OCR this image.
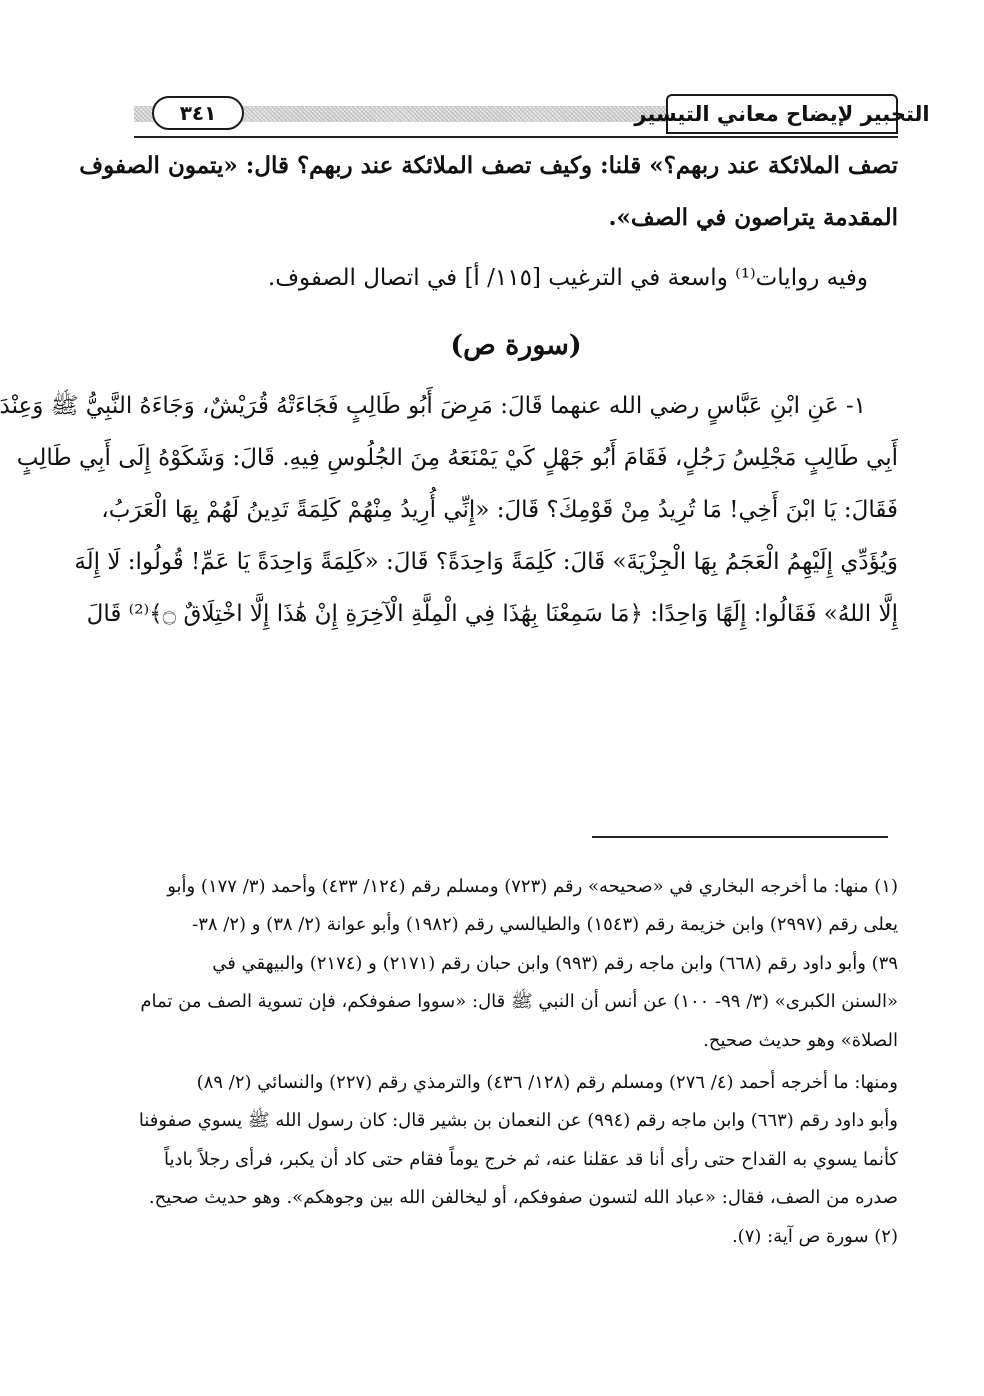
٣٤١	التحبير لإيضاح معاني التيسير
تصف الملائكة عند ربهم؟» قلنا: وكيف تصف الملائكة عند ربهم؟ قال: «يتمون الصفوف
المقدمة يتراصون في الصف».
وفيه روايات⁽¹⁾ واسعة في الترغيب [١١٥/ أ] في اتصال الصفوف.
(سورة ص)
١- عَنِ ابْنِ عَبَّاسٍ رضي الله عنهما قَالَ: مَرِضَ أَبُو طَالِبٍ فَجَاءَتْهُ قُرَيْشٌ، وَجَاءَهُ النَّبِيُّ ﷺ وَعِنْدَ
أَبِي طَالِبٍ مَجْلِسُ رَجُلٍ، فَقَامَ أَبُو جَهْلٍ كَيْ يَمْنَعَهُ مِنَ الجُلُوسِ فِيهِ. قَالَ: وَشَكَوْهُ إِلَى أَبِي طَالِبٍ
فَقَالَ: يَا ابْنَ أَخِي! مَا تُرِيدُ مِنْ قَوْمِكَ؟ قَالَ: «إِنِّي أُرِيدُ مِنْهُمْ كَلِمَةً تَدِينُ لَهُمْ بِهَا الْعَرَبُ،
وَيُؤَدِّي إِلَيْهِمُ الْعَجَمُ بِهَا الْجِزْيَةَ» قَالَ: كَلِمَةً وَاحِدَةً؟ قَالَ: «كَلِمَةً وَاحِدَةً يَا عَمِّ! قُولُوا: لَا إِلَهَ
إِلَّا اللهُ» فَقَالُوا: إِلَهًا وَاحِدًا: ﴿مَا سَمِعْنَا بِهَٰذَا فِي الْمِلَّةِ الْآخِرَةِ إِنْ هَٰذَا إِلَّا اخْتِلَاقٌ ۝﴾⁽²⁾ قَالَ
(١) منها: ما أخرجه البخاري في «صحيحه» رقم (٧٢٣) ومسلم رقم (١٢٤/ ٤٣٣) وأحمد (٣/ ١٧٧) وأبو
يعلى رقم (٢٩٩٧) وابن خزيمة رقم (١٥٤٣) والطيالسي رقم (١٩٨٢) وأبو عوانة (٢/ ٣٨) و (٢/ ٣٨-
٣٩) وأبو داود رقم (٦٦٨) وابن ماجه رقم (٩٩٣) وابن حبان رقم (٢١٧١) و (٢١٧٤) والبيهقي في
«السنن الكبرى» (٣/ ٩٩- ١٠٠) عن أنس أن النبي ﷺ قال: «سووا صفوفكم، فإن تسوية الصف من تمام
الصلاة» وهو حديث صحيح.
ومنها: ما أخرجه أحمد (٤/ ٢٧٦) ومسلم رقم (١٢٨/ ٤٣٦) والترمذي رقم (٢٢٧) والنسائي (٢/ ٨٩)
وأبو داود رقم (٦٦٣) وابن ماجه رقم (٩٩٤) عن النعمان بن بشير قال: كان رسول الله ﷺ يسوي صفوفنا
كأنما يسوي به القداح حتى رأى أنا قد عقلنا عنه، ثم خرج يوماً فقام حتى كاد أن يكبر، فرأى رجلاً بادياً
صدره من الصف، فقال: «عباد الله لتسون صفوفكم، أو ليخالفن الله بين وجوهكم». وهو حديث صحيح.
(٢) سورة ص آية: (٧).
